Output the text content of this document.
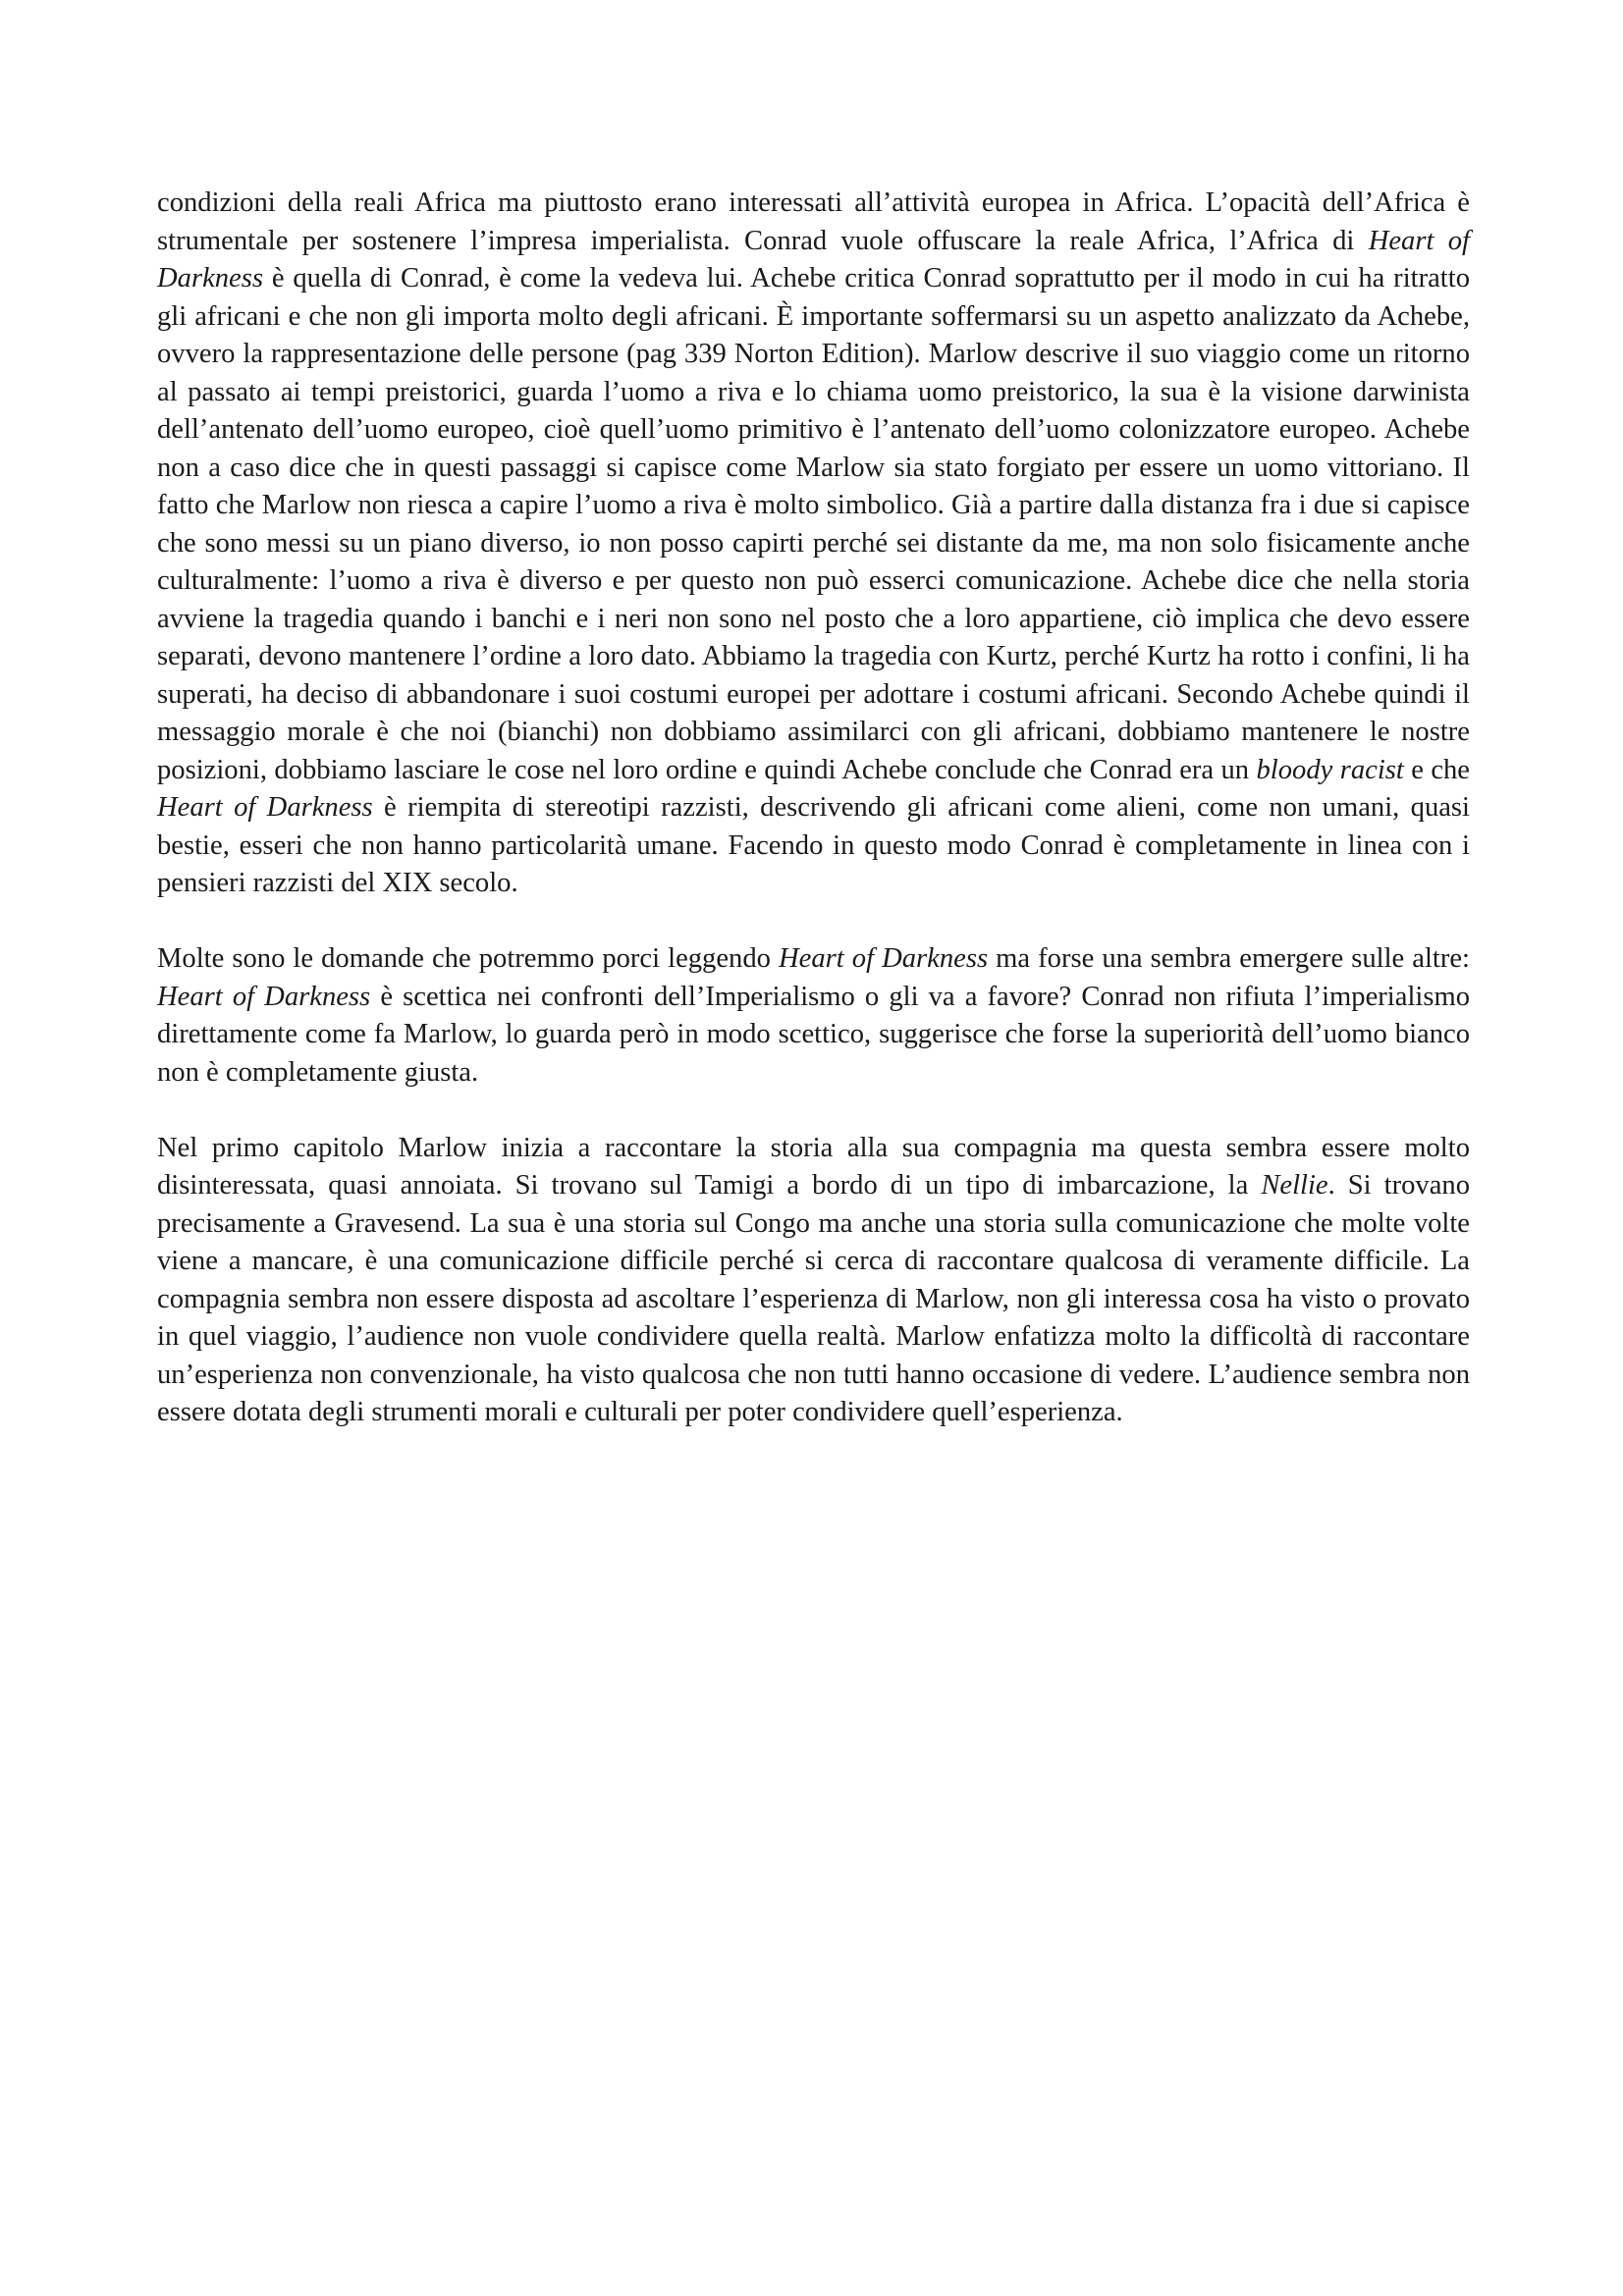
condizioni della reali Africa ma piuttosto erano interessati all’attività europea in Africa. L’opacità dell’Africa è strumentale per sostenere l’impresa imperialista. Conrad vuole offuscare la reale Africa, l’Africa di Heart of Darkness è quella di Conrad, è come la vedeva lui. Achebe critica Conrad soprattutto per il modo in cui ha ritratto gli africani e che non gli importa molto degli africani. È importante soffermarsi su un aspetto analizzato da Achebe, ovvero la rappresentazione delle persone (pag 339 Norton Edition). Marlow descrive il suo viaggio come un ritorno al passato ai tempi preistorici, guarda l’uomo a riva e lo chiama uomo preistorico, la sua è la visione darwinista dell’antenato dell’uomo europeo, cioè quell’uomo primitivo è l’antenato dell’uomo colonizzatore europeo. Achebe non a caso dice che in questi passaggi si capisce come Marlow sia stato forgiato per essere un uomo vittoriano. Il fatto che Marlow non riesca a capire l’uomo a riva è molto simbolico. Già a partire dalla distanza fra i due si capisce che sono messi su un piano diverso, io non posso capirti perché sei distante da me, ma non solo fisicamente anche culturalmente: l’uomo a riva è diverso e per questo non può esserci comunicazione. Achebe dice che nella storia avviene la tragedia quando i banchi e i neri non sono nel posto che a loro appartiene, ciò implica che devo essere separati, devono mantenere l’ordine a loro dato. Abbiamo la tragedia con Kurtz, perché Kurtz ha rotto i confini, li ha superati, ha deciso di abbandonare i suoi costumi europei per adottare i costumi africani. Secondo Achebe quindi il messaggio morale è che noi (bianchi) non dobbiamo assimilarci con gli africani, dobbiamo mantenere le nostre posizioni, dobbiamo lasciare le cose nel loro ordine e quindi Achebe conclude che Conrad era un bloody racist e che Heart of Darkness è riempita di stereotipi razzisti, descrivendo gli africani come alieni, come non umani, quasi bestie, esseri che non hanno particolarità umane. Facendo in questo modo Conrad è completamente in linea con i pensieri razzisti del XIX secolo.

Molte sono le domande che potremmo porci leggendo Heart of Darkness ma forse una sembra emergere sulle altre: Heart of Darkness è scettica nei confronti dell’Imperialismo o gli va a favore? Conrad non rifiuta l’imperialismo direttamente come fa Marlow, lo guarda però in modo scettico, suggerisce che forse la superiorità dell’uomo bianco non è completamente giusta.

Nel primo capitolo Marlow inizia a raccontare la storia alla sua compagnia ma questa sembra essere molto disinteressata, quasi annoiata. Si trovano sul Tamigi a bordo di un tipo di imbarcazione, la Nellie. Si trovano precisamente a Gravesend. La sua è una storia sul Congo ma anche una storia sulla comunicazione che molte volte viene a mancare, è una comunicazione difficile perché si cerca di raccontare qualcosa di veramente difficile. La compagnia sembra non essere disposta ad ascoltare l’esperienza di Marlow, non gli interessa cosa ha visto o provato in quel viaggio, l’audience non vuole condividere quella realtà. Marlow enfatizza molto la difficoltà di raccontare un’esperienza non convenzionale, ha visto qualcosa che non tutti hanno occasione di vedere. L’audience sembra non essere dotata degli strumenti morali e culturali per poter condividere quell’esperienza.
